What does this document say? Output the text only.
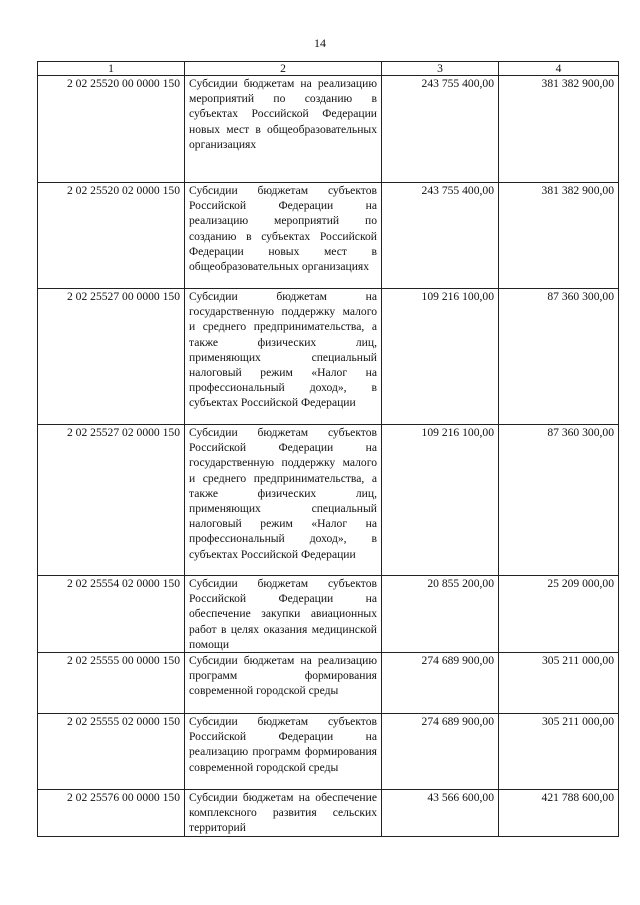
14
1	2	3	4
2 02 25520 00 0000 150	Субсидии бюджетам на реализацию мероприятий по созданию в субъектах Российской Федерации новых мест в общеобразовательных организациях	243 755 400,00	381 382 900,00
2 02 25520 02 0000 150	Субсидии бюджетам субъектов Российской Федерации на реализацию мероприятий по созданию в субъектах Российской Федерации новых мест в общеобразовательных организациях	243 755 400,00	381 382 900,00
2 02 25527 00 0000 150	Субсидии бюджетам на государственную поддержку малого и среднего предпринимательства, а также физических лиц, применяющих специальный налоговый режим «Налог на профессиональный доход», в субъектах Российской Федерации	109 216 100,00	87 360 300,00
2 02 25527 02 0000 150	Субсидии бюджетам субъектов Российской Федерации на государственную поддержку малого и среднего предпринимательства, а также физических лиц, применяющих специальный налоговый режим «Налог на профессиональный доход», в субъектах Российской Федерации	109 216 100,00	87 360 300,00
2 02 25554 02 0000 150	Субсидии бюджетам субъектов Российской Федерации на обеспечение закупки авиационных работ в целях оказания медицинской помощи	20 855 200,00	25 209 000,00
2 02 25555 00 0000 150	Субсидии бюджетам на реализацию программ формирования современной городской среды	274 689 900,00	305 211 000,00
2 02 25555 02 0000 150	Субсидии бюджетам субъектов Российской Федерации на реализацию программ формирования современной городской среды	274 689 900,00	305 211 000,00
2 02 25576 00 0000 150	Субсидии бюджетам на обеспечение комплексного развития сельских территорий	43 566 600,00	421 788 600,00
